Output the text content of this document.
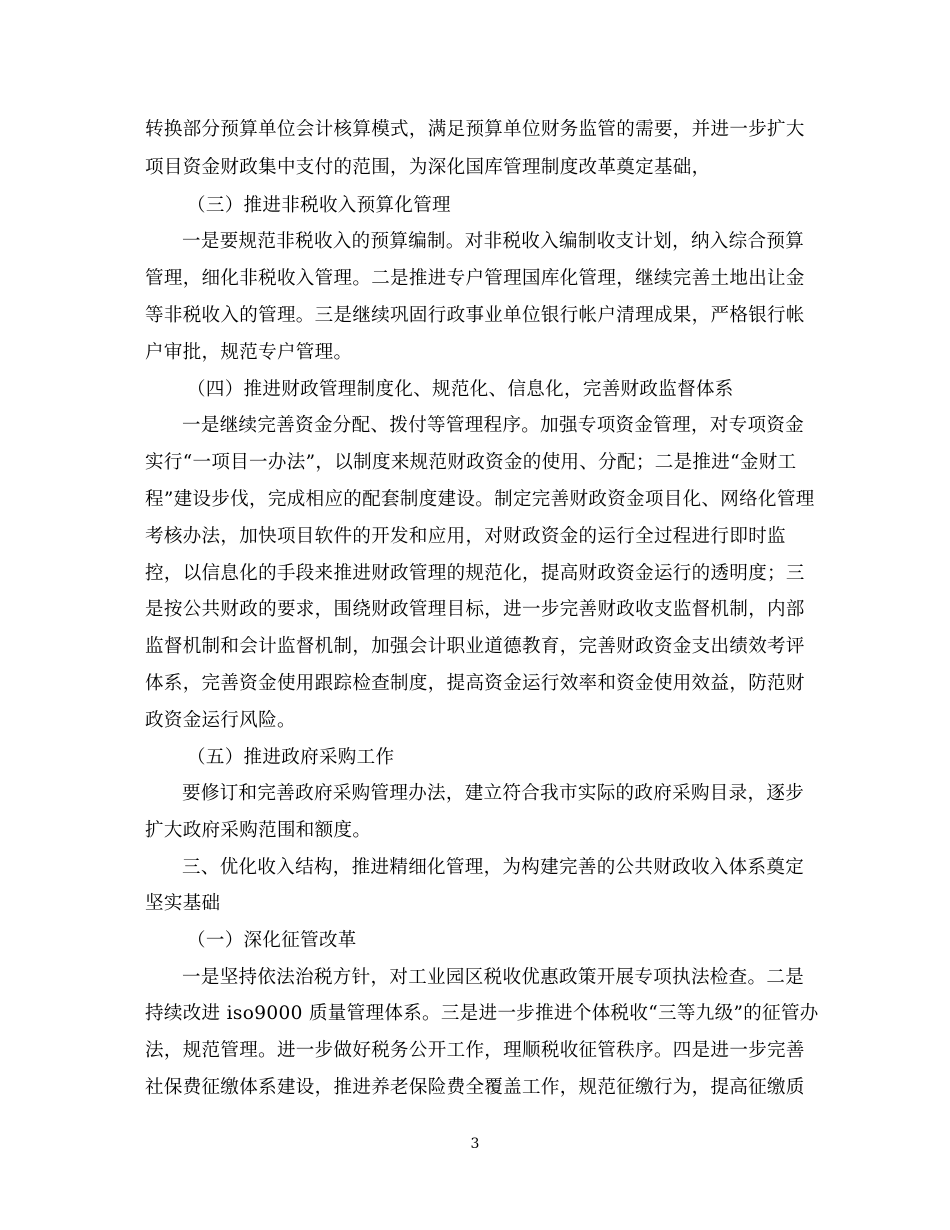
转换部分预算单位会计核算模式，满足预算单位财务监管的需要，并进一步扩大
项目资金财政集中支付的范围，为深化国库管理制度改革奠定基础，
（三）推进非税收入预算化管理
一是要规范非税收入的预算编制。对非税收入编制收支计划，纳入综合预算
管理，细化非税收入管理。二是推进专户管理国库化管理，继续完善土地出让金
等非税收入的管理。三是继续巩固行政事业单位银行帐户清理成果，严格银行帐
户审批，规范专户管理。
（四）推进财政管理制度化、规范化、信息化，完善财政监督体系
一是继续完善资金分配、拨付等管理程序。加强专项资金管理，对专项资金
实行“一项目一办法”，以制度来规范财政资金的使用、分配；二是推进“金财工
程”建设步伐，完成相应的配套制度建设。制定完善财政资金项目化、网络化管理
考核办法，加快项目软件的开发和应用，对财政资金的运行全过程进行即时监
控，以信息化的手段来推进财政管理的规范化，提高财政资金运行的透明度；三
是按公共财政的要求，围绕财政管理目标，进一步完善财政收支监督机制，内部
监督机制和会计监督机制，加强会计职业道德教育，完善财政资金支出绩效考评
体系，完善资金使用跟踪检查制度，提高资金运行效率和资金使用效益，防范财
政资金运行风险。
（五）推进政府采购工作
要修订和完善政府采购管理办法，建立符合我市实际的政府采购目录，逐步
扩大政府采购范围和额度。
三、优化收入结构，推进精细化管理，为构建完善的公共财政收入体系奠定
坚实基础
（一）深化征管改革
一是坚持依法治税方针，对工业园区税收优惠政策开展专项执法检查。二是
持续改进 iso9000 质量管理体系。三是进一步推进个体税收“三等九级”的征管办
法，规范管理。进一步做好税务公开工作，理顺税收征管秩序。四是进一步完善
社保费征缴体系建设，推进养老保险费全覆盖工作，规范征缴行为，提高征缴质
3
